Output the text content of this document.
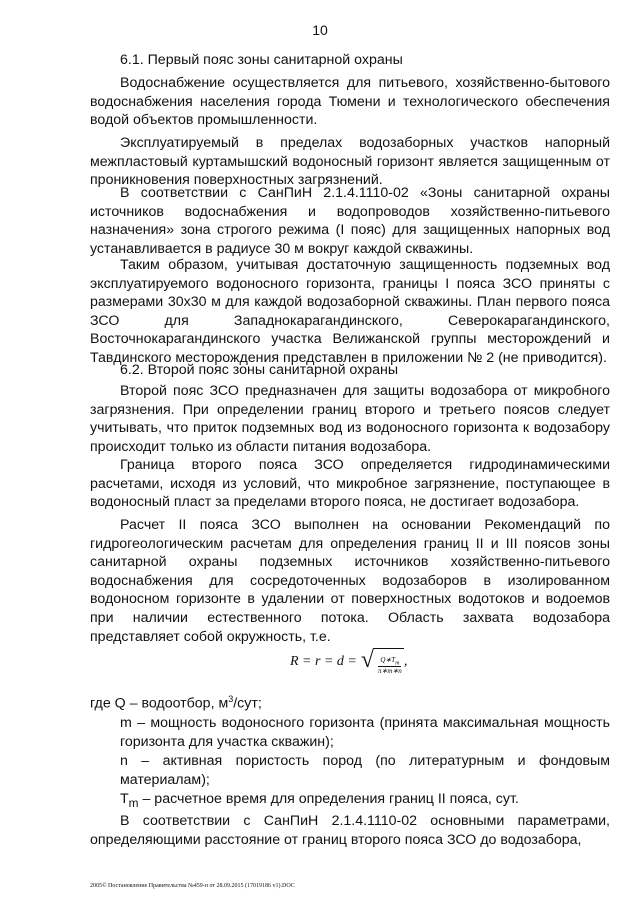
10

6.1. Первый пояс зоны санитарной охраны

Водоснабжение осуществляется для питьевого, хозяйственно-бытового водоснабжения населения города Тюмени и технологического обеспечения водой объектов промышленности.

Эксплуатируемый в пределах водозаборных участков напорный межпластовый куртамышский водоносный горизонт является защищенным от проникновения поверхностных загрязнений.

В соответствии с СанПиН 2.1.4.1110-02 «Зоны санитарной охраны источников водоснабжения и водопроводов хозяйственно-питьевого назначения» зона строгого режима (I пояс) для защищенных напорных вод устанавливается в радиусе 30 м вокруг каждой скважины.

Таким образом, учитывая достаточную защищенность подземных вод эксплуатируемого водоносного горизонта, границы I пояса ЗСО приняты с размерами 30х30 м для каждой водозаборной скважины. План первого пояса ЗСО для Западнокарагандинского, Северокарагандинского, Восточнокарагандинского участка Велижанской группы месторождений и Тавдинского месторождения представлен в приложении № 2 (не приводится).

6.2. Второй пояс зоны санитарной охраны

Второй пояс ЗСО предназначен для защиты водозабора от микробного загрязнения. При определении границ второго и третьего поясов следует учитывать, что приток подземных вод из водоносного горизонта к водозабору происходит только из области питания водозабора.

Граница второго пояса ЗСО определяется гидродинамическими расчетами, исходя из условий, что микробное загрязнение, поступающее в водоносный пласт за пределами второго пояса, не достигает водозабора.

Расчет II пояса ЗСО выполнен на основании Рекомендаций по гидрогеологическим расчетам для определения границ II и III поясов зоны санитарной охраны подземных источников хозяйственно-питьевого водоснабжения для сосредоточенных водозаборов в изолированном водоносном горизонте в удалении от поверхностных водотоков и водоемов при наличии естественного потока. Область захвата водозабора представляет собой окружность, т.е.

R = r = d = √ $\frac{Q∗T_m}{\pi∗m∗n}$ ,

где Q – водоотбор, $м^3$/сут;

m – мощность водоносного горизонта (принята максимальная мощность горизонта для участка скважин);

n – активная пористость пород (по литературным и фондовым материалам);

$T_m$ – расчетное время для определения границ II пояса, сут.

В соответствии с СанПиН 2.1.4.1110-02 основными параметрами, определяющими расстояние от границ второго пояса ЗСО до водозабора,

2005© Постановление Правительства №459-п от 28.09.2015 (17019186 v1).DOC
